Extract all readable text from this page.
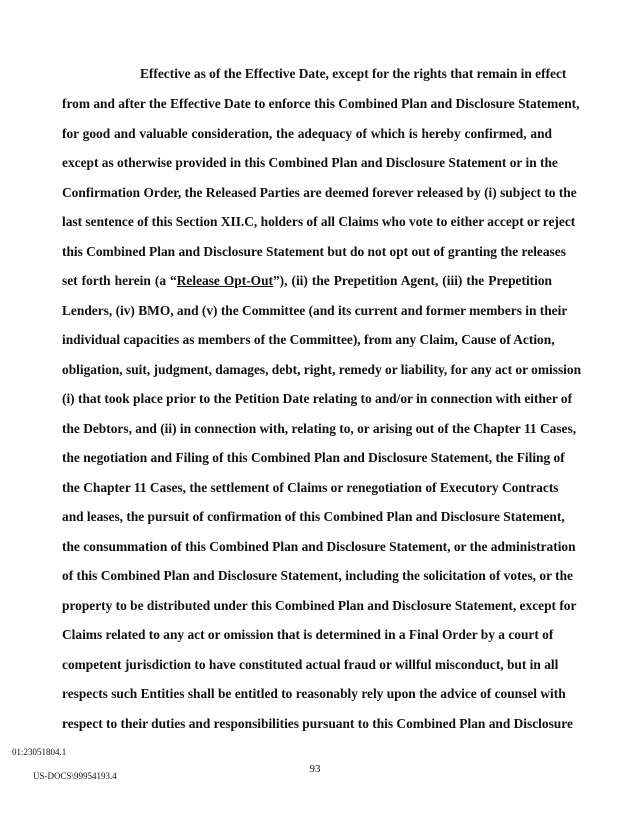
Effective as of the Effective Date, except for the rights that remain in effect
from and after the Effective Date to enforce this Combined Plan and Disclosure Statement,
for good and valuable consideration, the adequacy of which is hereby confirmed, and
except as otherwise provided in this Combined Plan and Disclosure Statement or in the
Confirmation Order, the Released Parties are deemed forever released by (i) subject to the
last sentence of this Section XII.C, holders of all Claims who vote to either accept or reject
this Combined Plan and Disclosure Statement but do not opt out of granting the releases
set forth herein (a “Release Opt-Out”), (ii) the Prepetition Agent, (iii) the Prepetition
Lenders, (iv) BMO, and (v) the Committee (and its current and former members in their
individual capacities as members of the Committee), from any Claim, Cause of Action,
obligation, suit, judgment, damages, debt, right, remedy or liability, for any act or omission
(i) that took place prior to the Petition Date relating to and/or in connection with either of
the Debtors, and (ii) in connection with, relating to, or arising out of the Chapter 11 Cases,
the negotiation and Filing of this Combined Plan and Disclosure Statement, the Filing of
the Chapter 11 Cases, the settlement of Claims or renegotiation of Executory Contracts
and leases, the pursuit of confirmation of this Combined Plan and Disclosure Statement,
the consummation of this Combined Plan and Disclosure Statement, or the administration
of this Combined Plan and Disclosure Statement, including the solicitation of votes, or the
property to be distributed under this Combined Plan and Disclosure Statement, except for
Claims related to any act or omission that is determined in a Final Order by a court of
competent jurisdiction to have constituted actual fraud or willful misconduct, but in all
respects such Entities shall be entitled to reasonably rely upon the advice of counsel with
respect to their duties and responsibilities pursuant to this Combined Plan and Disclosure
01:23051804.1
93
US-DOCS\99954193.4
